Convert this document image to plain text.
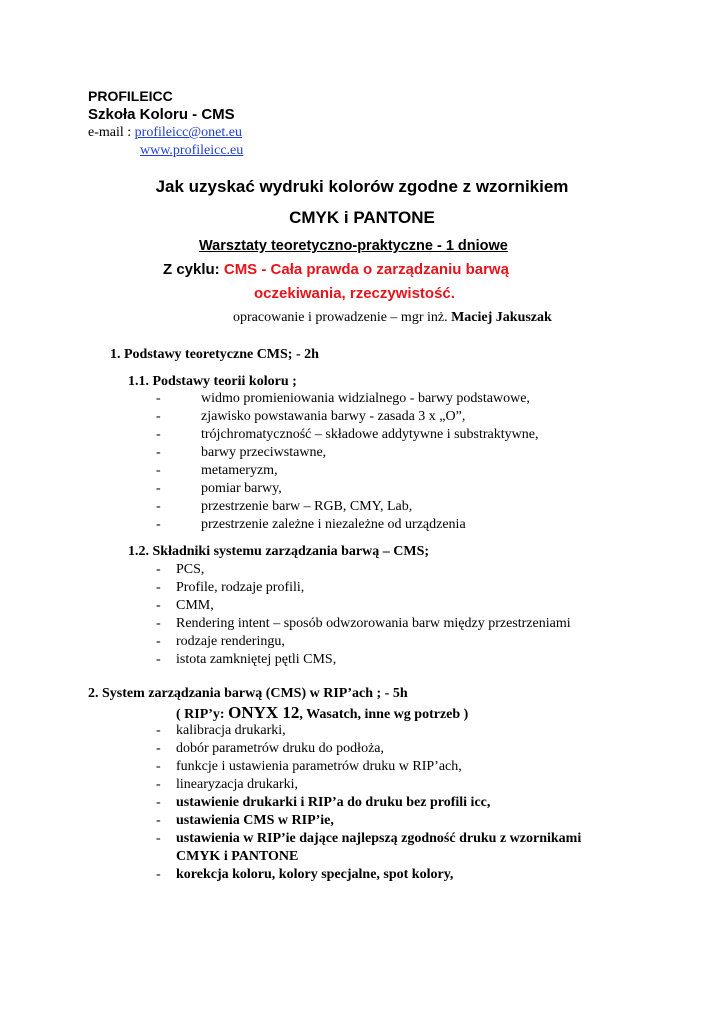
PROFILEICC
Szkoła Koloru - CMS
e-mail : profileicc@onet.eu
www.profileicc.eu
Jak uzyskać wydruki kolorów zgodne z wzornikiem
CMYK i PANTONE
Warsztaty teoretyczno-praktyczne - 1 dniowe
Z cyklu: CMS - Cała prawda o zarządzaniu barwą
oczekiwania, rzeczywistość.
opracowanie i prowadzenie – mgr inż. Maciej Jakuszak
1. Podstawy teoretyczne CMS; - 2h
1.1. Podstawy teorii koloru ;
-	widmo promieniowania widzialnego - barwy podstawowe,
-	zjawisko powstawania barwy - zasada 3 x „O”,
-	trójchromatyczność – składowe addytywne i substraktywne,
-	barwy przeciwstawne,
-	metameryzm,
-	pomiar barwy,
-	przestrzenie barw – RGB, CMY, Lab,
-	przestrzenie zależne i niezależne od urządzenia
1.2. Składniki systemu zarządzania barwą – CMS;
- PCS,
- Profile, rodzaje profili,
- CMM,
- Rendering intent – sposób odwzorowania barw między przestrzeniami
- rodzaje renderingu,
- istota zamkniętej pętli CMS,
2. System zarządzania barwą (CMS) w RIP’ach ; - 5h
( RIP’y: ONYX 12, Wasatch, inne wg potrzeb )
- kalibracja drukarki,
- dobór parametrów druku do podłoża,
- funkcje i ustawienia parametrów druku w RIP’ach,
- linearyzacja drukarki,
- ustawienie drukarki i RIP’a do druku bez profili icc,
- ustawienia CMS w RIP’ie,
- ustawienia w RIP’ie dające najlepszą zgodność druku z wzornikami
CMYK i PANTONE
- korekcja koloru, kolory specjalne, spot kolory,
